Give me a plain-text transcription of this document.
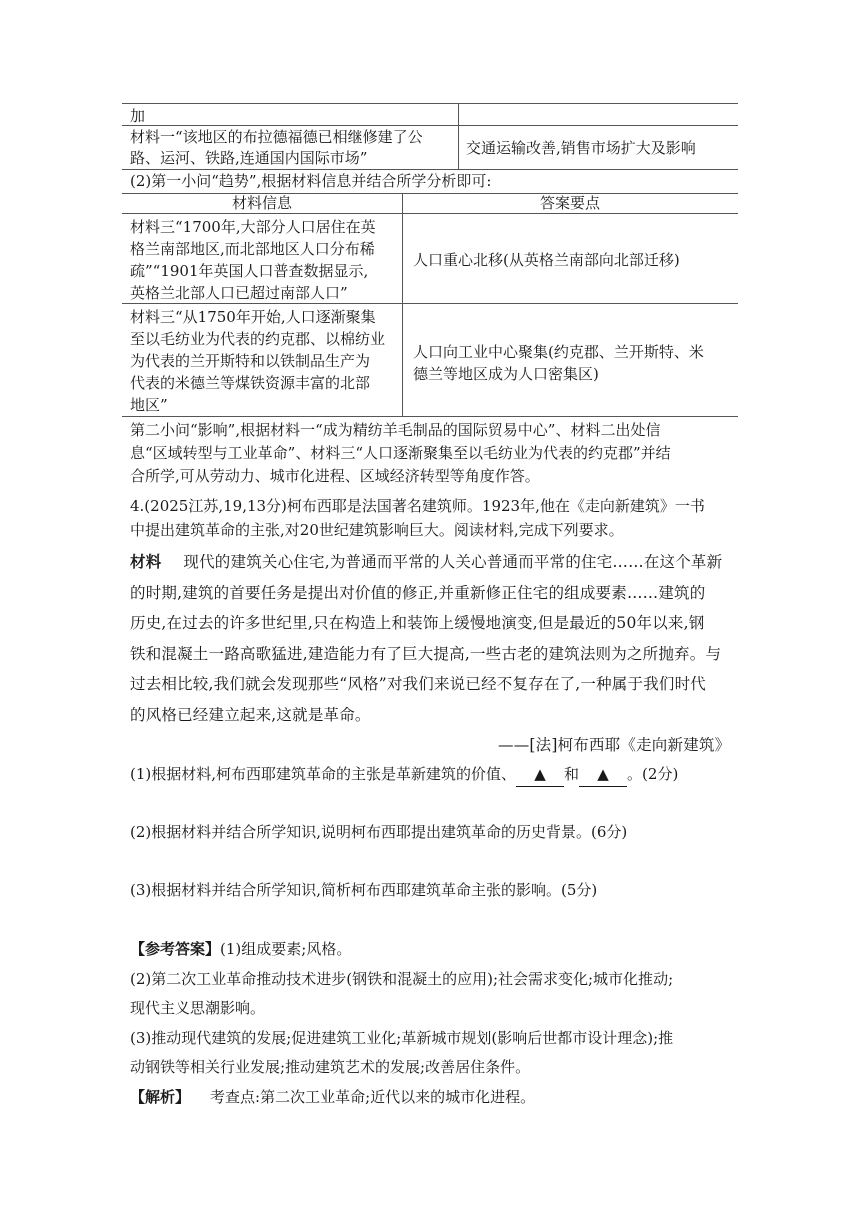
加
材料一“该地区的布拉德福德已相继修建了公
路、运河、铁路,连通国内国际市场”
交通运输改善,销售市场扩大及影响
(2)第一小问“趋势”,根据材料信息并结合所学分析即可:
材料信息	答案要点
材料三“1700年,大部分人口居住在英
格兰南部地区,而北部地区人口分布稀
疏”“1901年英国人口普查数据显示,
英格兰北部人口已超过南部人口”
人口重心北移(从英格兰南部向北部迁移)
材料三“从1750年开始,人口逐渐聚集
至以毛纺业为代表的约克郡、以棉纺业
为代表的兰开斯特和以铁制品生产为
代表的米德兰等煤铁资源丰富的北部
地区”
人口向工业中心聚集(约克郡、兰开斯特、米
德兰等地区成为人口密集区)
第二小问“影响”,根据材料一“成为精纺羊毛制品的国际贸易中心”、材料二出处信
息“区域转型与工业革命”、材料三“人口逐渐聚集至以毛纺业为代表的约克郡”并结
合所学,可从劳动力、城市化进程、区域经济转型等角度作答。
4.(2025江苏,19,13分)柯布西耶是法国著名建筑师。1923年,他在《走向新建筑》一书
中提出建筑革命的主张,对20世纪建筑影响巨大。阅读材料,完成下列要求。
材料 现代的建筑关心住宅,为普通而平常的人关心普通而平常的住宅……在这个革新
的时期,建筑的首要任务是提出对价值的修正,并重新修正住宅的组成要素……建筑的
历史,在过去的许多世纪里,只在构造上和装饰上缓慢地演变,但是最近的50年以来,钢
铁和混凝土一路高歌猛进,建造能力有了巨大提高,一些古老的建筑法则为之所抛弃。与
过去相比较,我们就会发现那些“风格”对我们来说已经不复存在了,一种属于我们时代
的风格已经建立起来,这就是革命。
——[法]柯布西耶《走向新建筑》
(1)根据材料,柯布西耶建筑革命的主张是革新建筑的价值、 ▲ 和 ▲ 。(2分)
(2)根据材料并结合所学知识,说明柯布西耶提出建筑革命的历史背景。(6分)
(3)根据材料并结合所学知识,简析柯布西耶建筑革命主张的影响。(5分)
【参考答案】(1)组成要素;风格。
(2)第二次工业革命推动技术进步(钢铁和混凝土的应用);社会需求变化;城市化推动;
现代主义思潮影响。
(3)推动现代建筑的发展;促进建筑工业化;革新城市规划(影响后世都市设计理念);推
动钢铁等相关行业发展;推动建筑艺术的发展;改善居住条件。
【解析】 考查点:第二次工业革命;近代以来的城市化进程。
